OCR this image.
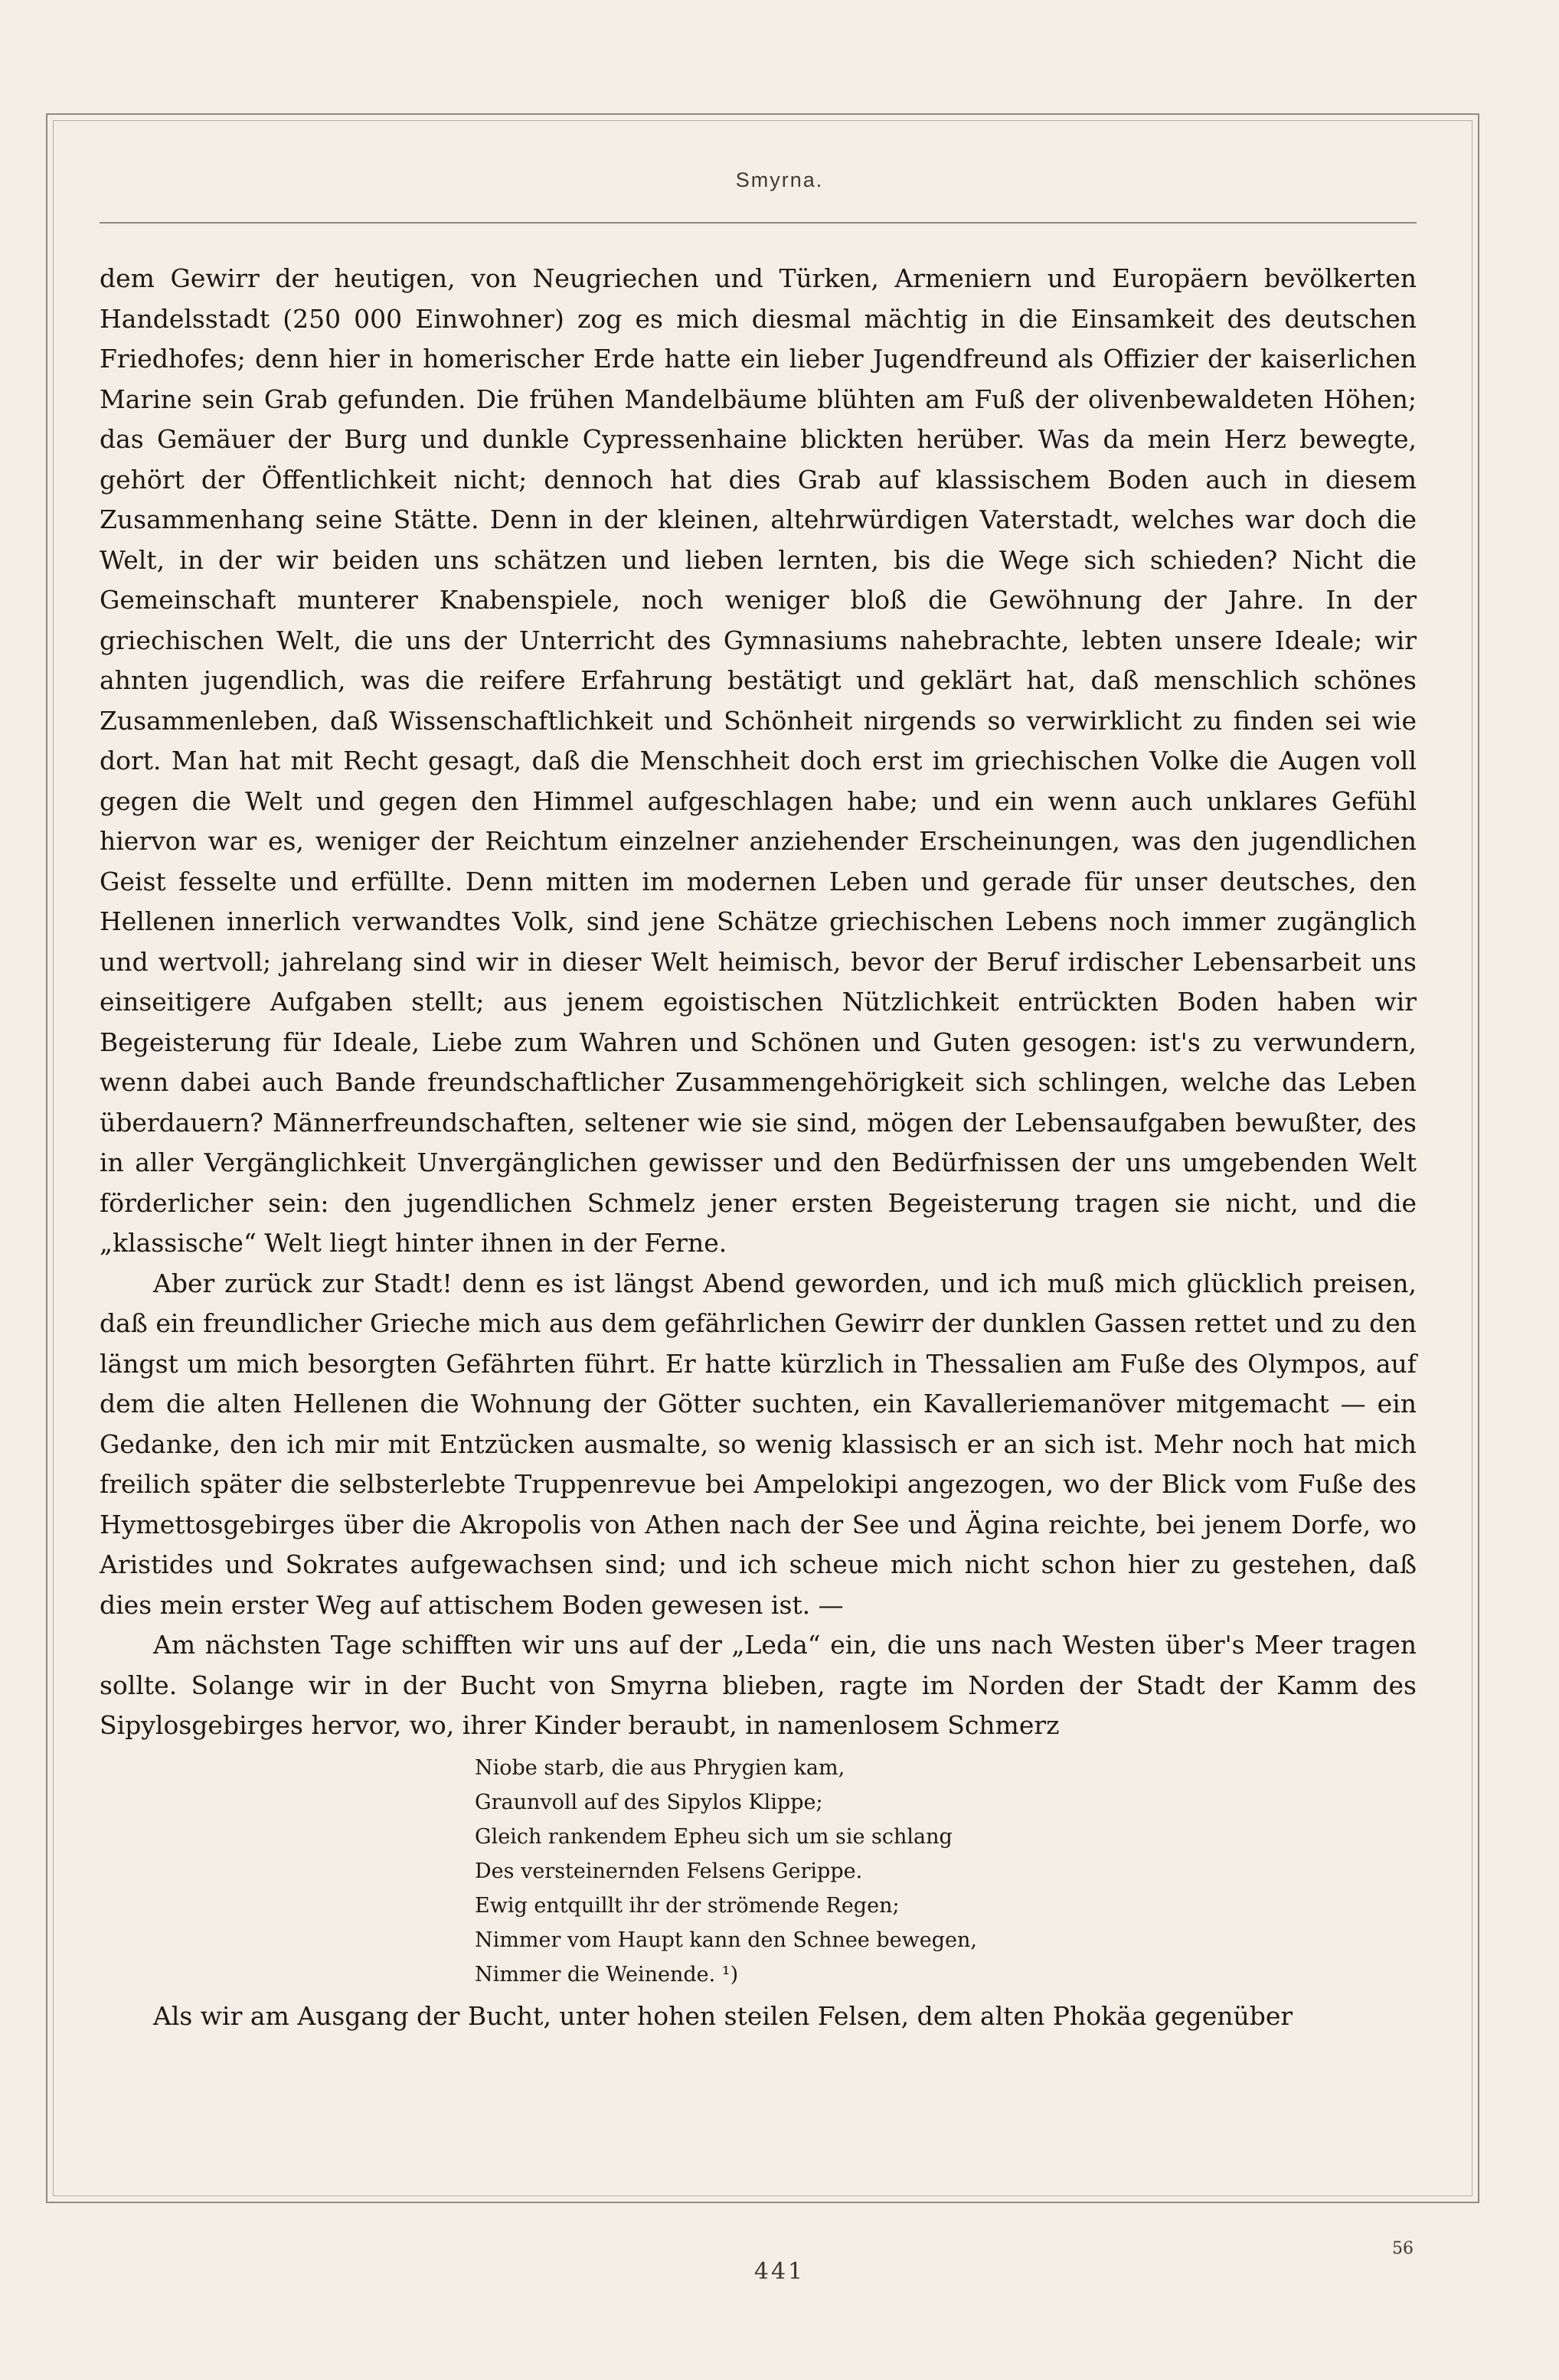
Smyrna.

dem Gewirr der heutigen, von Neugriechen und Türken, Armeniern und Europäern bevölkerten Handelsstadt (250 000 Einwohner) zog es mich diesmal mächtig in die Einsamkeit des deutschen Friedhofes; denn hier in homerischer Erde hatte ein lieber Jugendfreund als Offizier der kaiserlichen Marine sein Grab gefunden. Die frühen Mandelbäume blühten am Fuß der olivenbewaldeten Höhen; das Gemäuer der Burg und dunkle Cypressenhaine blickten herüber. Was da mein Herz bewegte, gehört der Öffentlichkeit nicht; dennoch hat dies Grab auf klassischem Boden auch in diesem Zusammenhang seine Stätte. Denn in der kleinen, altehrwürdigen Vaterstadt, welches war doch die Welt, in der wir beiden uns schätzen und lieben lernten, bis die Wege sich schieden? Nicht die Gemeinschaft munterer Knabenspiele, noch weniger bloß die Gewöhnung der Jahre. In der griechischen Welt, die uns der Unterricht des Gymnasiums nahebrachte, lebten unsere Ideale; wir ahnten jugendlich, was die reifere Erfahrung bestätigt und geklärt hat, daß menschlich schönes Zusammenleben, daß Wissenschaftlichkeit und Schönheit nirgends so verwirklicht zu finden sei wie dort. Man hat mit Recht gesagt, daß die Menschheit doch erst im griechischen Volke die Augen voll gegen die Welt und gegen den Himmel aufgeschlagen habe; und ein wenn auch unklares Gefühl hiervon war es, weniger der Reichtum einzelner anziehender Erscheinungen, was den jugendlichen Geist fesselte und erfüllte. Denn mitten im modernen Leben und gerade für unser deutsches, den Hellenen innerlich verwandtes Volk, sind jene Schätze griechischen Lebens noch immer zugänglich und wertvoll; jahrelang sind wir in dieser Welt heimisch, bevor der Beruf irdischer Lebensarbeit uns einseitigere Aufgaben stellt; aus jenem egoistischen Nützlichkeit entrückten Boden haben wir Begeisterung für Ideale, Liebe zum Wahren und Schönen und Guten gesogen: ist's zu verwundern, wenn dabei auch Bande freundschaftlicher Zusammengehörigkeit sich schlingen, welche das Leben überdauern? Männerfreundschaften, seltener wie sie sind, mögen der Lebensaufgaben bewußter, des in aller Vergänglichkeit Unvergänglichen gewisser und den Bedürfnissen der uns umgebenden Welt förderlicher sein: den jugendlichen Schmelz jener ersten Begeisterung tragen sie nicht, und die „klassische“ Welt liegt hinter ihnen in der Ferne.

Aber zurück zur Stadt! denn es ist längst Abend geworden, und ich muß mich glücklich preisen, daß ein freundlicher Grieche mich aus dem gefährlichen Gewirr der dunklen Gassen rettet und zu den längst um mich besorgten Gefährten führt. Er hatte kürzlich in Thessalien am Fuße des Olympos, auf dem die alten Hellenen die Wohnung der Götter suchten, ein Kavalleriemanöver mitgemacht — ein Gedanke, den ich mir mit Entzücken ausmalte, so wenig klassisch er an sich ist. Mehr noch hat mich freilich später die selbsterlebte Truppenrevue bei Ampelokipi angezogen, wo der Blick vom Fuße des Hymettosgebirges über die Akropolis von Athen nach der See und Ägina reichte, bei jenem Dorfe, wo Aristides und Sokrates aufgewachsen sind; und ich scheue mich nicht schon hier zu gestehen, daß dies mein erster Weg auf attischem Boden gewesen ist. —

Am nächsten Tage schifften wir uns auf der „Leda“ ein, die uns nach Westen über's Meer tragen sollte. Solange wir in der Bucht von Smyrna blieben, ragte im Norden der Stadt der Kamm des Sipylosgebirges hervor, wo, ihrer Kinder beraubt, in namenlosem Schmerz

Niobe starb, die aus Phrygien kam,
Graunvoll auf des Sipylos Klippe;
Gleich rankendem Epheu sich um sie schlang
Des versteinernden Felsens Gerippe.
Ewig entquillt ihr der strömende Regen;
Nimmer vom Haupt kann den Schnee bewegen,
Nimmer die Weinende. ¹)

Als wir am Ausgang der Bucht, unter hohen steilen Felsen, dem alten Phokäa gegenüber

441
56
